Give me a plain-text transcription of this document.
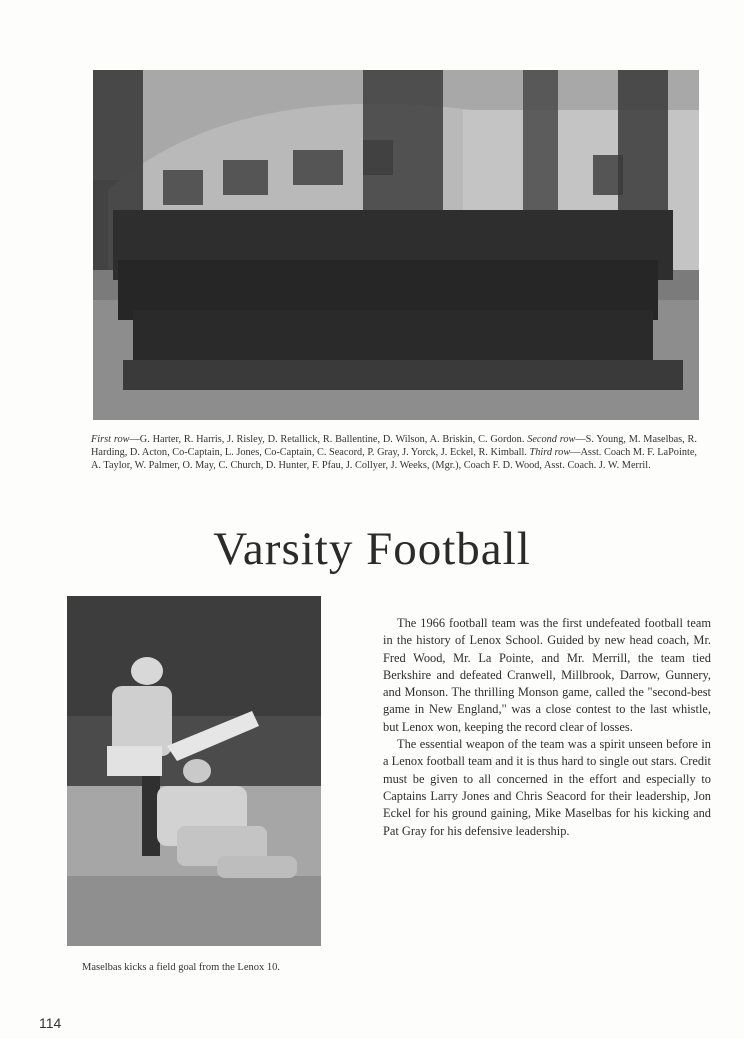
First row—G. Harter, R. Harris, J. Risley, D. Retallick, R. Ballentine, D. Wilson, A. Briskin, C. Gordon. Second row—S. Young, M. Maselbas, R. Harding, D. Acton, Co-Captain, L. Jones, Co-Captain, C. Seacord, P. Gray, J. Yorck, J. Eckel, R. Kimball. Third row—Asst. Coach M. F. LaPointe, A. Taylor, W. Palmer, O. May, C. Church, D. Hunter, F. Pfau, J. Collyer, J. Weeks, (Mgr.), Coach F. D. Wood, Asst. Coach. J. W. Merril.
Varsity Football

The 1966 football team was the first undefeated football team in the history of Lenox School. Guided by new head coach, Mr. Fred Wood, Mr. La Pointe, and Mr. Merrill, the team tied Berkshire and defeated Cranwell, Millbrook, Darrow, Gunnery, and Monson. The thrilling Monson game, called the "second-best game in New England," was a close contest to the last whistle, but Lenox won, keeping the record clear of losses.

The essential weapon of the team was a spirit unseen before in a Lenox football team and it is thus hard to single out stars. Credit must be given to all concerned in the effort and especially to Captains Larry Jones and Chris Seacord for their leadership, Jon Eckel for his ground gaining, Mike Maselbas for his kicking and Pat Gray for his defensive leadership.

Maselbas kicks a field goal from the Lenox 10.
114
